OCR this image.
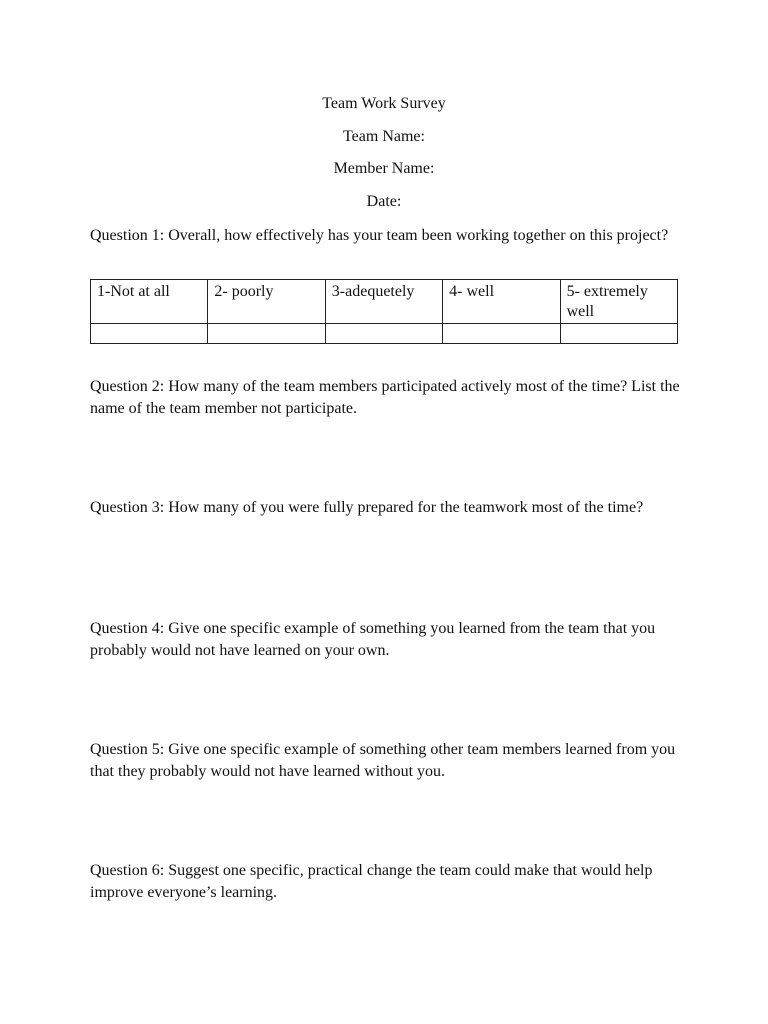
Team Work Survey
Team Name:
Member Name:
Date:

Question 1: Overall, how effectively has your team been working together on this project?

1-Not at all	2- poorly	3-adequetely	4- well	5- extremely well

Question 2: How many of the team members participated actively most of the time? List the name of the team member not participate.

Question 3: How many of you were fully prepared for the teamwork most of the time?

Question 4: Give one specific example of something you learned from the team that you probably would not have learned on your own.

Question 5: Give one specific example of something other team members learned from you that they probably would not have learned without you.

Question 6: Suggest one specific, practical change the team could make that would help improve everyone’s learning.
